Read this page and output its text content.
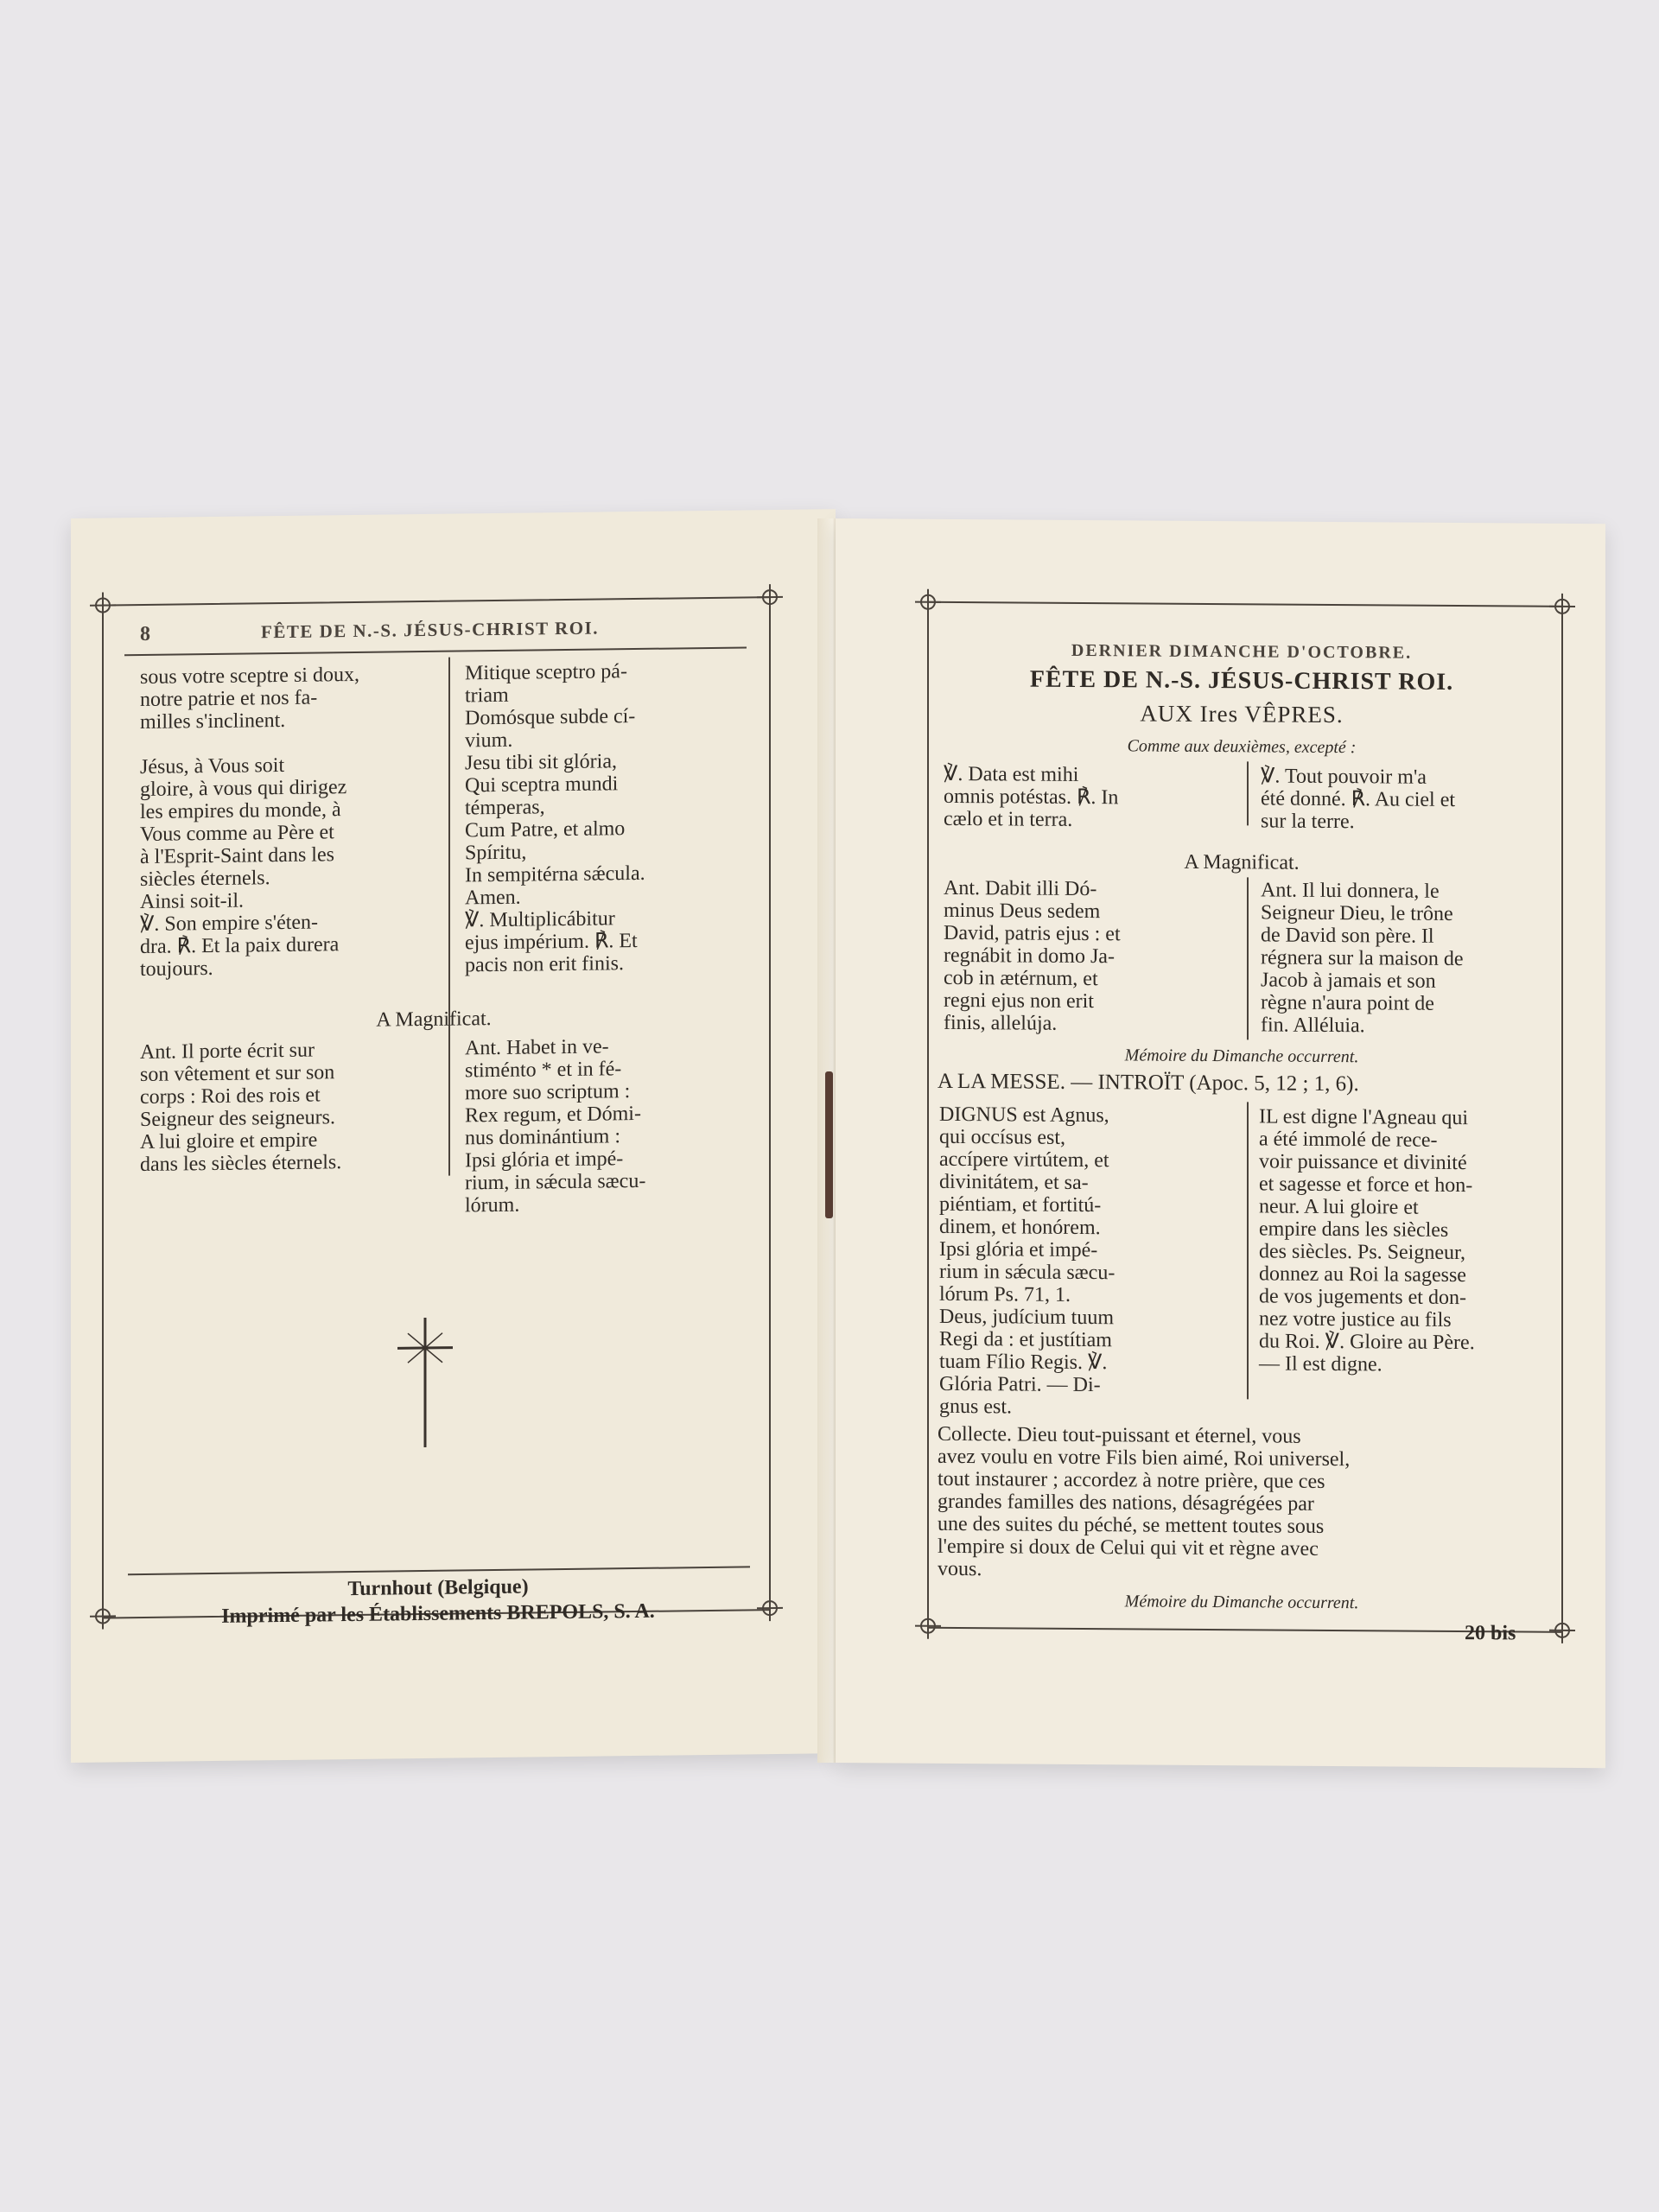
8	FÊTE DE N.-S. JÉSUS-CHRIST ROI.
sous votre sceptre si doux,
notre patrie et nos fa-
milles s'inclinent.

Jésus, à Vous soit
gloire, à vous qui dirigez
les empires du monde, à
Vous comme au Père et
à l'Esprit-Saint dans les
siècles éternels.
Ainsi soit-il.
℣. Son empire s'éten-
dra. ℟. Et la paix durera
toujours.
Mitique sceptro pá-
triam
Domósque subde cí-
vium.
Jesu tibi sit glória,
Qui sceptra mundi
témperas,
Cum Patre, et almo
Spíritu,
In sempitérna sǽcula.
Amen.
℣. Multiplicábitur
ejus impérium. ℟. Et
pacis non erit finis.
A Magnificat.
Ant. Il porte écrit sur
son vêtement et sur son
corps : Roi des rois et
Seigneur des seigneurs.
A lui gloire et empire
dans les siècles éternels.
Ant. Habet in ve-
stiménto * et in fé-
more suo scriptum :
Rex regum, et Dómi-
nus dominántium :
Ipsi glória et impé-
rium, in sǽcula sæcu-
lórum.
Turnhout (Belgique)
Imprimé par les Établissements BREPOLS, S. A.
DERNIER DIMANCHE D'OCTOBRE.
FÊTE DE N.-S. JÉSUS-CHRIST ROI.
AUX Ires VÊPRES.
Comme aux deuxièmes, excepté :
℣. Data est mihi
omnis potéstas. ℟. In
cælo et in terra.
℣. Tout pouvoir m'a
été donné. ℟. Au ciel et
sur la terre.
A Magnificat.
Ant. Dabit illi Dó-
minus Deus sedem
David, patris ejus : et
regnábit in domo Ja-
cob in ætérnum, et
regni ejus non erit
finis, allelúja.
Ant. Il lui donnera, le
Seigneur Dieu, le trône
de David son père. Il
régnera sur la maison de
Jacob à jamais et son
règne n'aura point de
fin. Alléluia.
Mémoire du Dimanche occurrent.
A LA MESSE. — INTROÏT (Apoc. 5, 12 ; 1, 6).
DIGNUS est Agnus,
qui occísus est,
accípere virtútem, et
divinitátem, et sa-
piéntiam, et fortitú-
dinem, et honórem.
Ipsi glória et impé-
rium in sǽcula sæcu-
lórum Ps. 71, 1.
Deus, judícium tuum
Regi da : et justítiam
tuam Fílio Regis. ℣.
Glória Patri. — Di-
gnus est.
IL est digne l'Agneau qui
a été immolé de rece-
voir puissance et divinité
et sagesse et force et hon-
neur. A lui gloire et
empire dans les siècles
des siècles. Ps. Seigneur,
donnez au Roi la sagesse
de vos jugements et don-
nez votre justice au fils
du Roi. ℣. Gloire au Père.
— Il est digne.
Collecte. Dieu tout-puissant et éternel, vous
avez voulu en votre Fils bien aimé, Roi universel,
tout instaurer ; accordez à notre prière, que ces
grandes familles des nations, désagrégées par
une des suites du péché, se mettent toutes sous
l'empire si doux de Celui qui vit et règne avec
vous.
Mémoire du Dimanche occurrent.
20 bis
